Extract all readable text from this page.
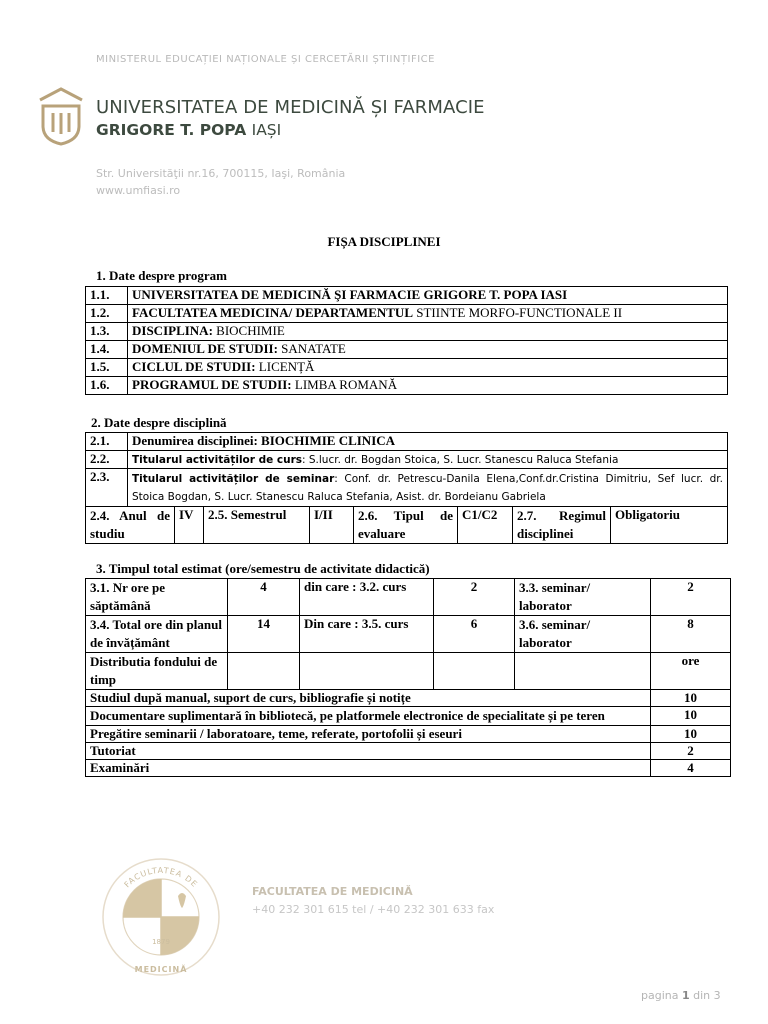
MINISTERUL EDUCAȚIEI NAȚIONALE ȘI CERCETĂRII ȘTIINȚIFICE
UNIVERSITATEA DE MEDICINĂ ȘI FARMACIE
GRIGORE T. POPA IAȘI
Str. Universităţii nr.16, 700115, Iaşi, România
www.umfiasi.ro
FIȘA DISCIPLINEI
1. Date despre program
1.1.	UNIVERSITATEA DE MEDICINĂ ŞI FARMACIE GRIGORE T. POPA IASI
1.2.	FACULTATEA MEDICINA/ DEPARTAMENTUL STIINTE MORFO-FUNCTIONALE II
1.3.	DISCIPLINA: BIOCHIMIE
1.4.	DOMENIUL DE STUDII: SANATATE
1.5.	CICLUL DE STUDII: LICENȚĂ
1.6.	PROGRAMUL DE STUDII: LIMBA ROMANĂ
2. Date despre disciplină
2.1.	Denumirea disciplinei: BIOCHIMIE CLINICA							
2.2.	Titularul activităților de curs: S.lucr. dr. Bogdan Stoica, S. Lucr. Stanescu Raluca Stefania							
2.3.	Titularul activităților de seminar: Conf. dr. Petrescu-Danila Elena,Conf.dr.Cristina Dimitriu, Sef lucr. dr. Stoica Bogdan, S. Lucr. Stanescu Raluca Stefania, Asist. dr. Bordeianu Gabriela							
2.4. Anul de studiu		IV	2.5. Semestrul	I/II	2.6. Tipul de evaluare	C1/C2	2.7. Regimul disciplinei	Obligatoriu
3. Timpul total estimat (ore/semestru de activitate didactică)
3.1. Nr ore pe săptămână	4	din care : 3.2. curs	2	3.3. seminar/ laborator	2
3.4. Total ore din planul de învățământ	14	Din care : 3.5. curs	6	3.6. seminar/ laborator	8
Distributia fondului de timp					ore
Studiul după manual, suport de curs, bibliografie și notițe					10
Documentare suplimentară în bibliotecă, pe platformele electronice de specialitate și pe teren					10
Pregătire seminarii / laboratoare, teme, referate, portofolii și eseuri					10
Tutoriat					2
Examinări					4
FACULTATEA DE
1879
MEDICINĂ
FACULTATEA DE MEDICINĂ
+40 232 301 615 tel / +40 232 301 633 fax
pagina 1 din 3
